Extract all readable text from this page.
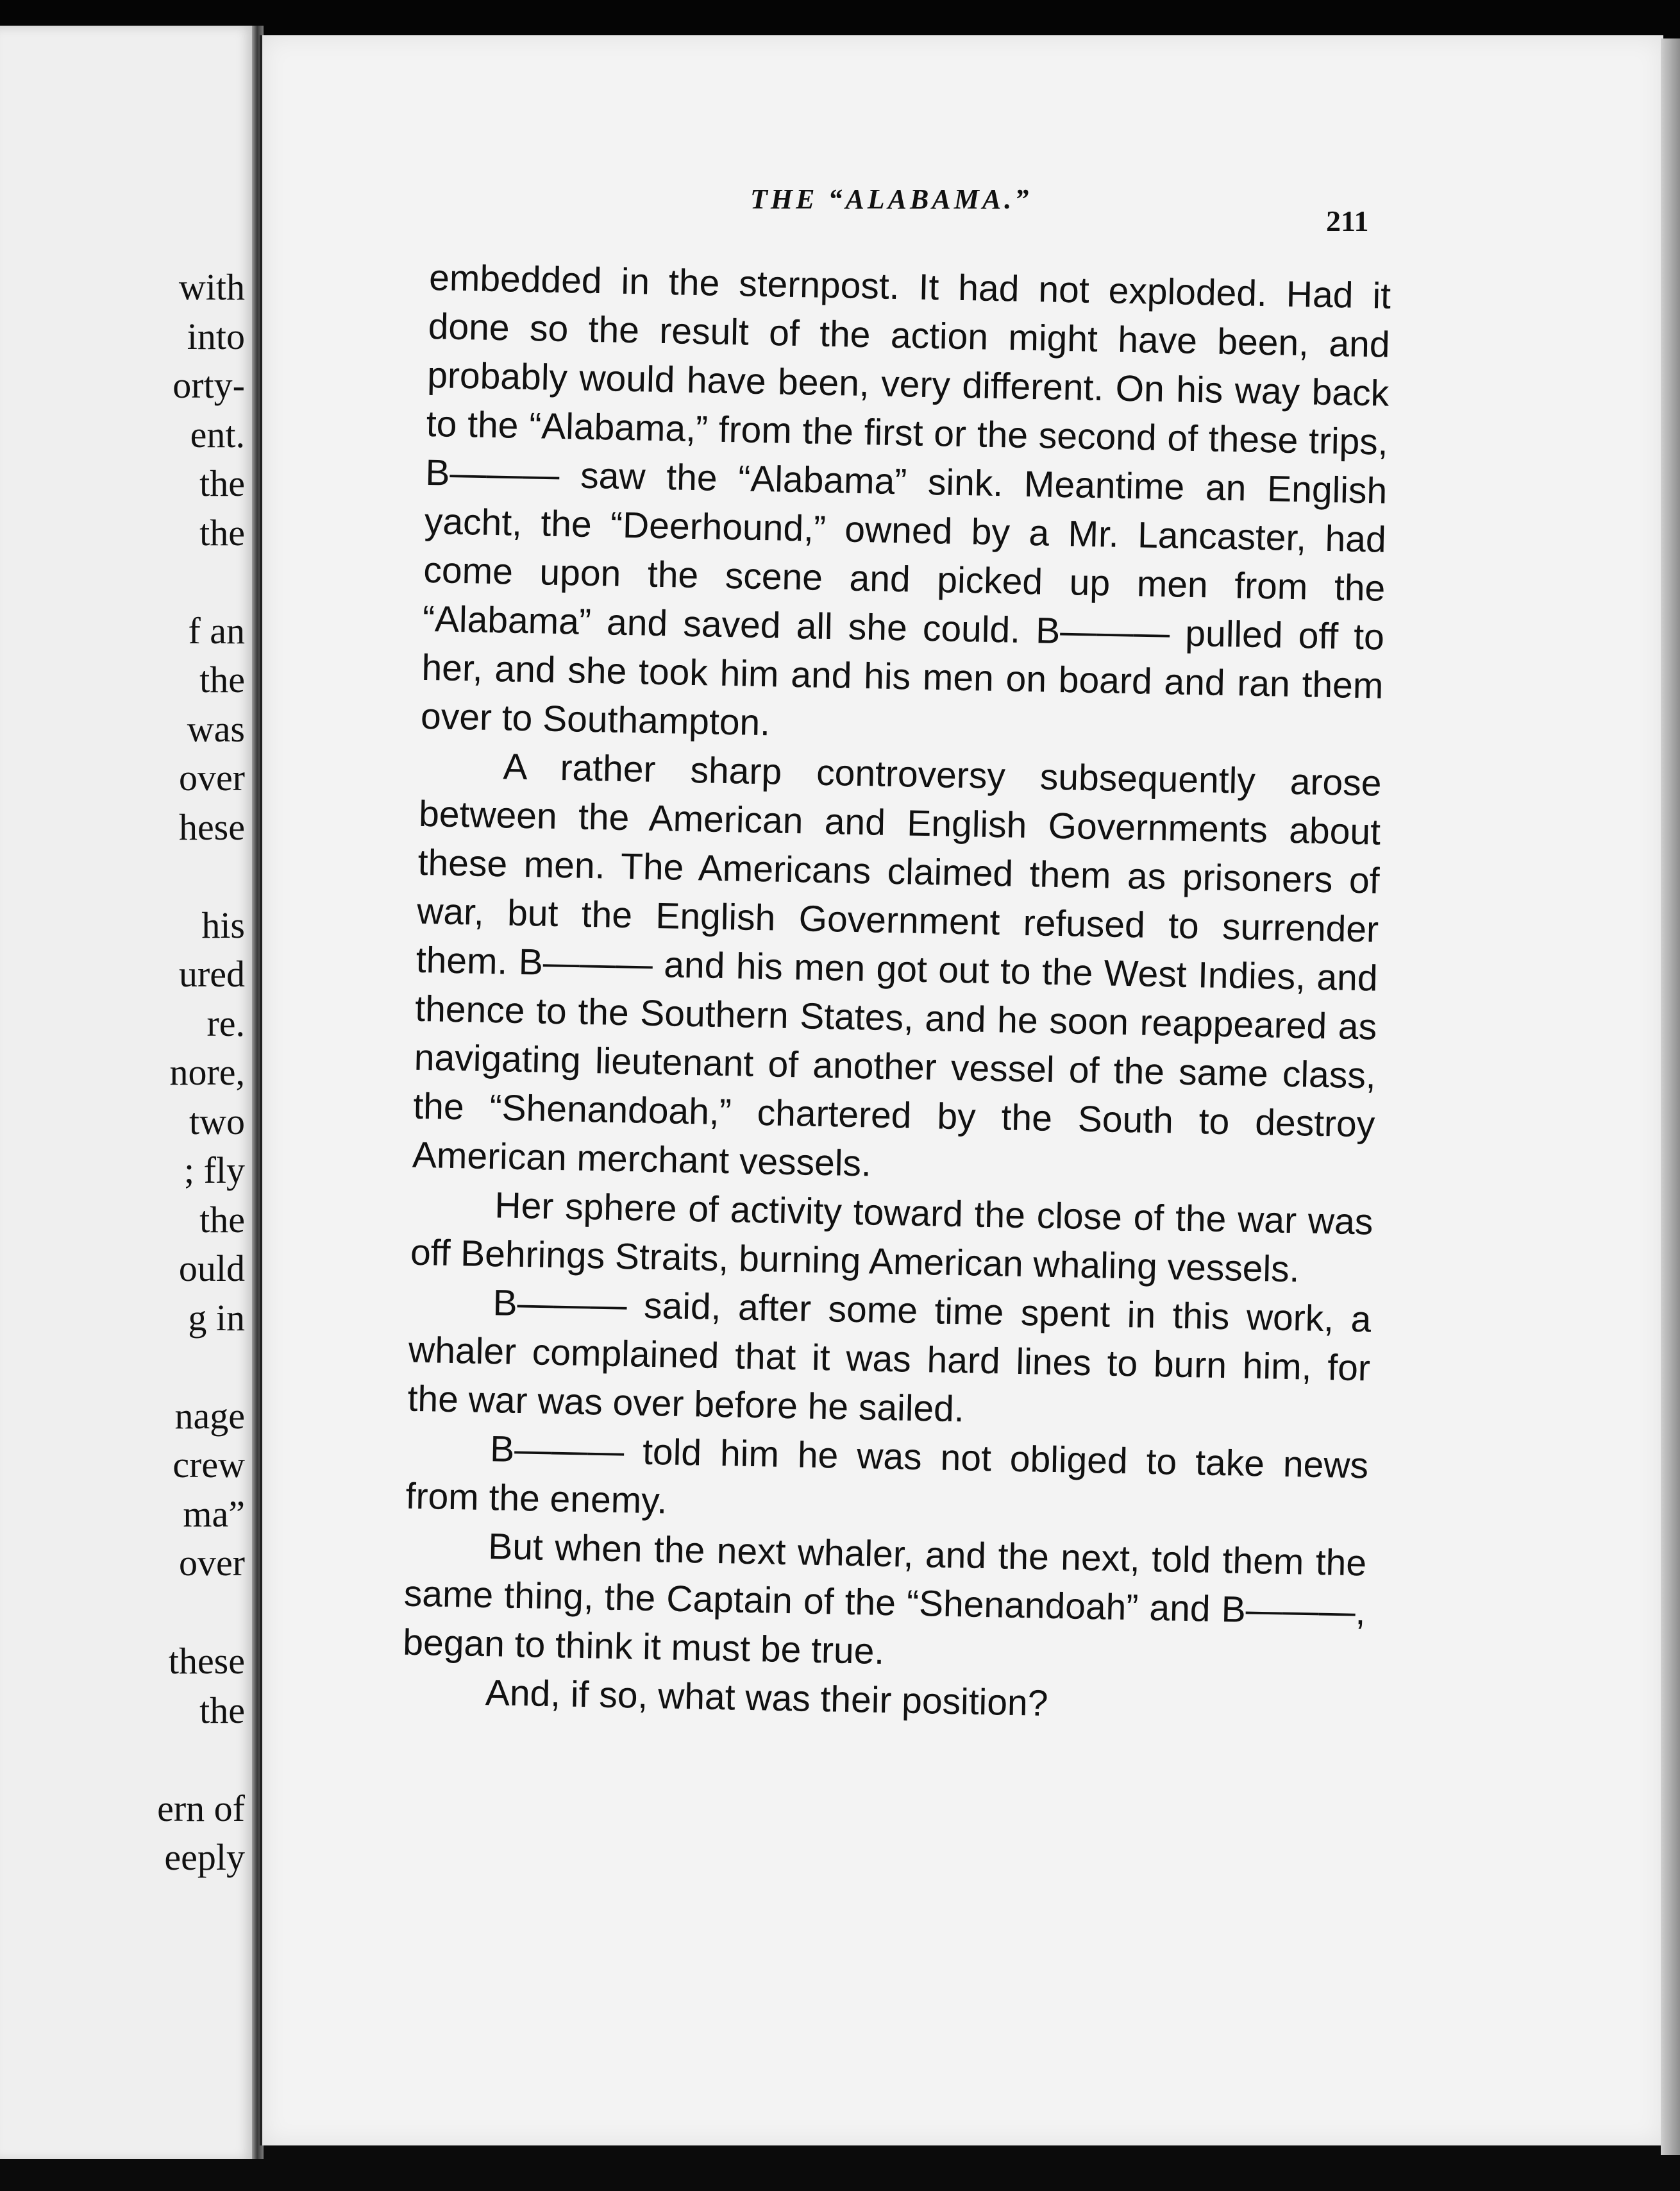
with
into
orty-
ent.
the
the
f an
the
was
over
hese
his
ured
re.
nore,
two
; fly
the
ould
g in
nage
crew
ma”
over
these
the
ern of
eeply
THE “ALABAMA.”

211

embedded in the sternpost. It had not exploded. Had it done so the result of the action might have been, and probably would have been, very different. On his way back to the “Alabama,” from the first or the second of these trips, B——— saw the “Alabama” sink. Meantime an English yacht, the “Deerhound,” owned by a Mr. Lancaster, had come upon the scene and picked up men from the “Alabama” and saved all she could. B——— pulled off to her, and she took him and his men on board and ran them over to Southampton.

A rather sharp controversy subsequently arose between the American and English Governments about these men. The Americans claimed them as prisoners of war, but the English Government refused to surrender them. B——— and his men got out to the West Indies, and thence to the Southern States, and he soon reappeared as navigating lieutenant of another vessel of the same class, the “Shenandoah,” chartered by the South to destroy American merchant vessels.

Her sphere of activity toward the close of the war was off Behrings Straits, burning American whaling vessels.

B——— said, after some time spent in this work, a whaler complained that it was hard lines to burn him, for the war was over before he sailed.

B——— told him he was not obliged to take news from the enemy.

But when the next whaler, and the next, told them the same thing, the Captain of the “Shenandoah” and B———, began to think it must be true.

And, if so, what was their position?
